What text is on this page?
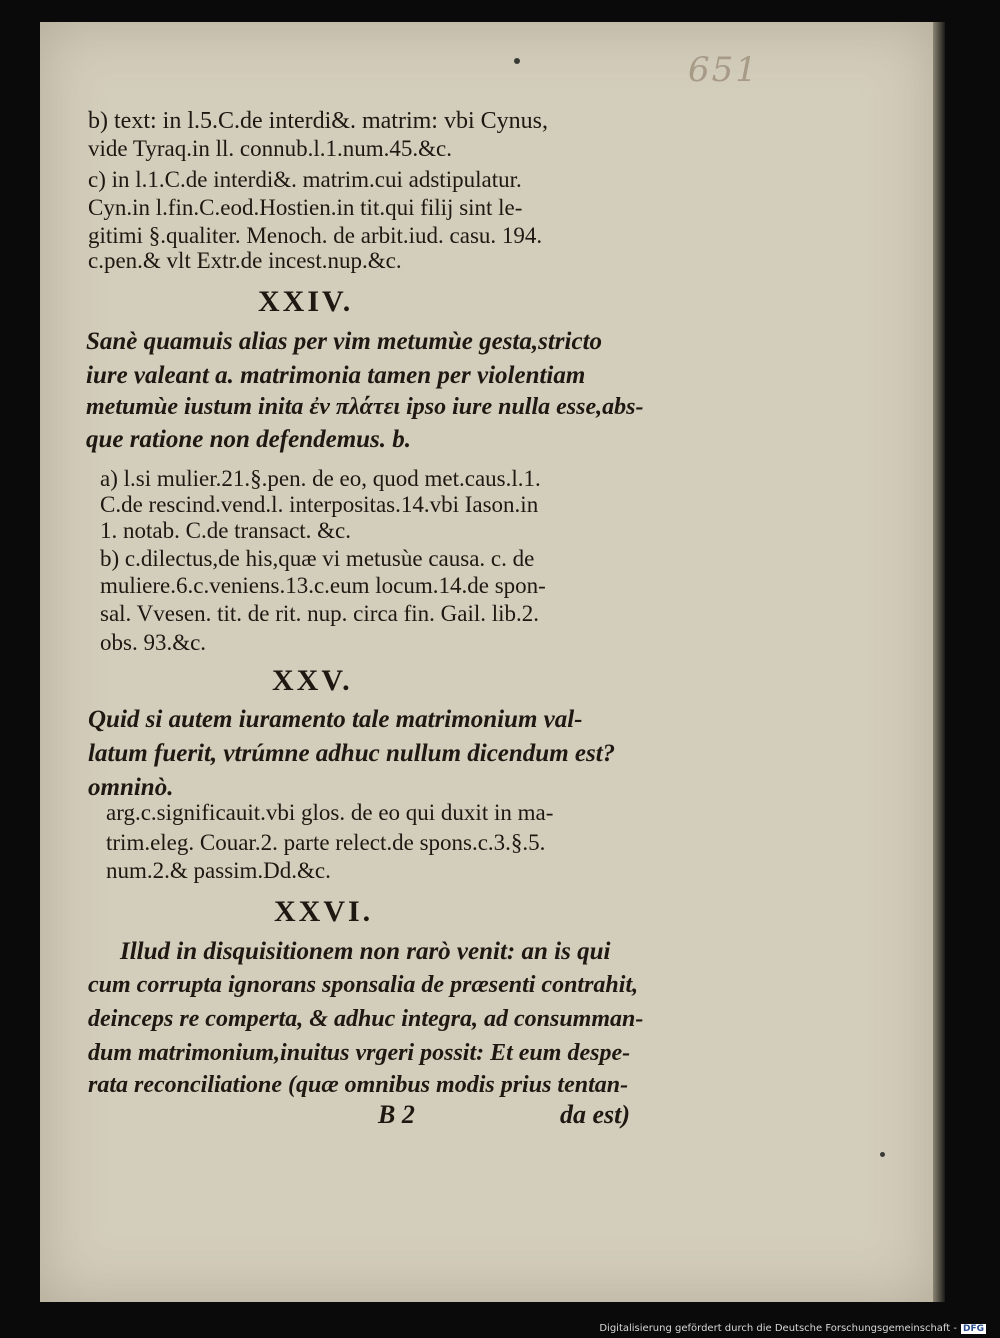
651
b) text: in l.5.C.de interdi&. matrim: vbi Cynus,
vide Tyraq.in ll. connub.l.1.num.45.&c.
c) in l.1.C.de interdi&. matrim.cui adstipulatur.
Cyn.in l.fin.C.eod.Hostien.in tit.qui filij sint le-
gitimi §.qualiter. Menoch. de arbit.iud. casu. 194.
c.pen.& vlt Extr.de incest.nup.&c.
XXIV.
Sanè quamuis alias per vim metumùe gesta,stricto
iure valeant a. matrimonia tamen per violentiam
metumùe iustum inita ἐν πλάτει ipso iure nulla esse,abs-
que ratione non defendemus. b.
a) l.si mulier.21.§.pen. de eo, quod met.caus.l.1.
C.de rescind.vend.l. interpositas.14.vbi Iason.in
1. notab. C.de transact. &c.
b) c.dilectus,de his,quæ vi metusùe causa. c. de
muliere.6.c.veniens.13.c.eum locum.14.de spon-
sal. Vvesen. tit. de rit. nup. circa fin. Gail. lib.2.
obs. 93.&c.
XXV.
Quid si autem iuramento tale matrimonium val-
latum fuerit, vtrúmne adhuc nullum dicendum est?
omninò.
arg.c.significauit.vbi glos. de eo qui duxit in ma-
trim.eleg. Couar.2. parte relect.de spons.c.3.§.5.
num.2.& passim.Dd.&c.
XXVI.
Illud in disquisitionem non rarò venit: an is qui
cum corrupta ignorans sponsalia de præsenti contrahit,
deinceps re comperta, & adhuc integra, ad consumman-
dum matrimonium,inuitus vrgeri possit: Et eum despe-
rata reconciliatione (quæ omnibus modis prius tentan-
B 2	da est)
Digitalisierung gefördert durch die Deutsche Forschungsgemeinschaft - DFG
